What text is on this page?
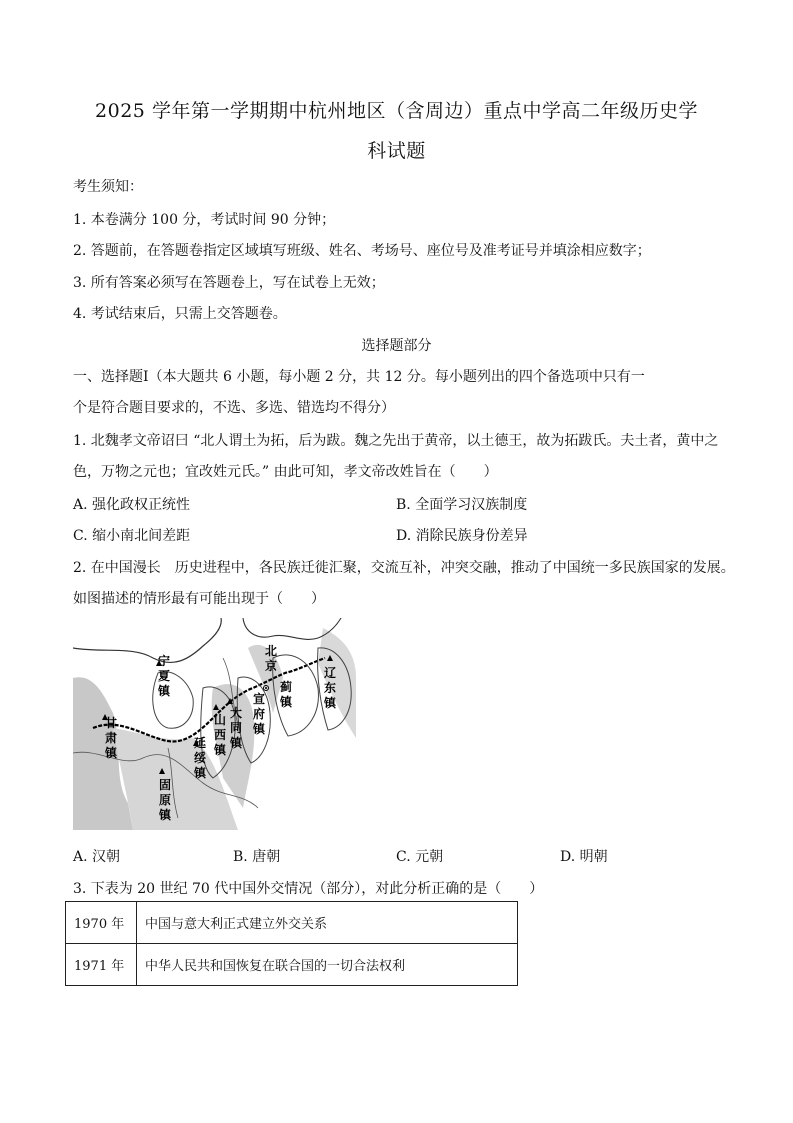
2025 学年第一学期期中杭州地区（含周边）重点中学高二年级历史学
科试题
考生须知：
1. 本卷满分 100 分，考试时间 90 分钟；
2. 答题前，在答题卷指定区域填写班级、姓名、考场号、座位号及准考证号并填涂相应数字；
3. 所有答案必须写在答题卷上，写在试卷上无效；
4. 考试结束后，只需上交答题卷。
选择题部分
一、选择题Ⅰ（本大题共 6 小题，每小题 2 分，共 12 分。每小题列出的四个备选项中只有一
个是符合题目要求的，不选、多选、错选均不得分）
1. 北魏孝文帝诏曰 “北人谓土为拓，后为跋。魏之先出于黄帝，以土德王，故为拓跋氏。夫土者，黄中之
色，万物之元也；宜改姓元氏。” 由此可知，孝文帝改姓旨在（　　）
A. 强化政权正统性	B. 全面学习汉族制度
C. 缩小南北间差距	D. 消除民族身份差异
2. 在中国漫长　历史进程中，各民族迁徙汇聚，交流互补，冲突交融，推动了中国统一多民族国家的发展。
如图描述的情形最有可能出现于（　　）
宁夏镇
甘肃镇
固原镇
延绥镇
山西镇
大同镇
宣府镇
北京
蓟镇
辽东镇
A. 汉朝	B. 唐朝	C. 元朝	D. 明朝
3. 下表为 20 世纪 70 代中国外交情况（部分），对此分析正确的是（　　）
1970 年	中国与意大利正式建立外交关系
1971 年	中华人民共和国恢复在联合国的一切合法权利
